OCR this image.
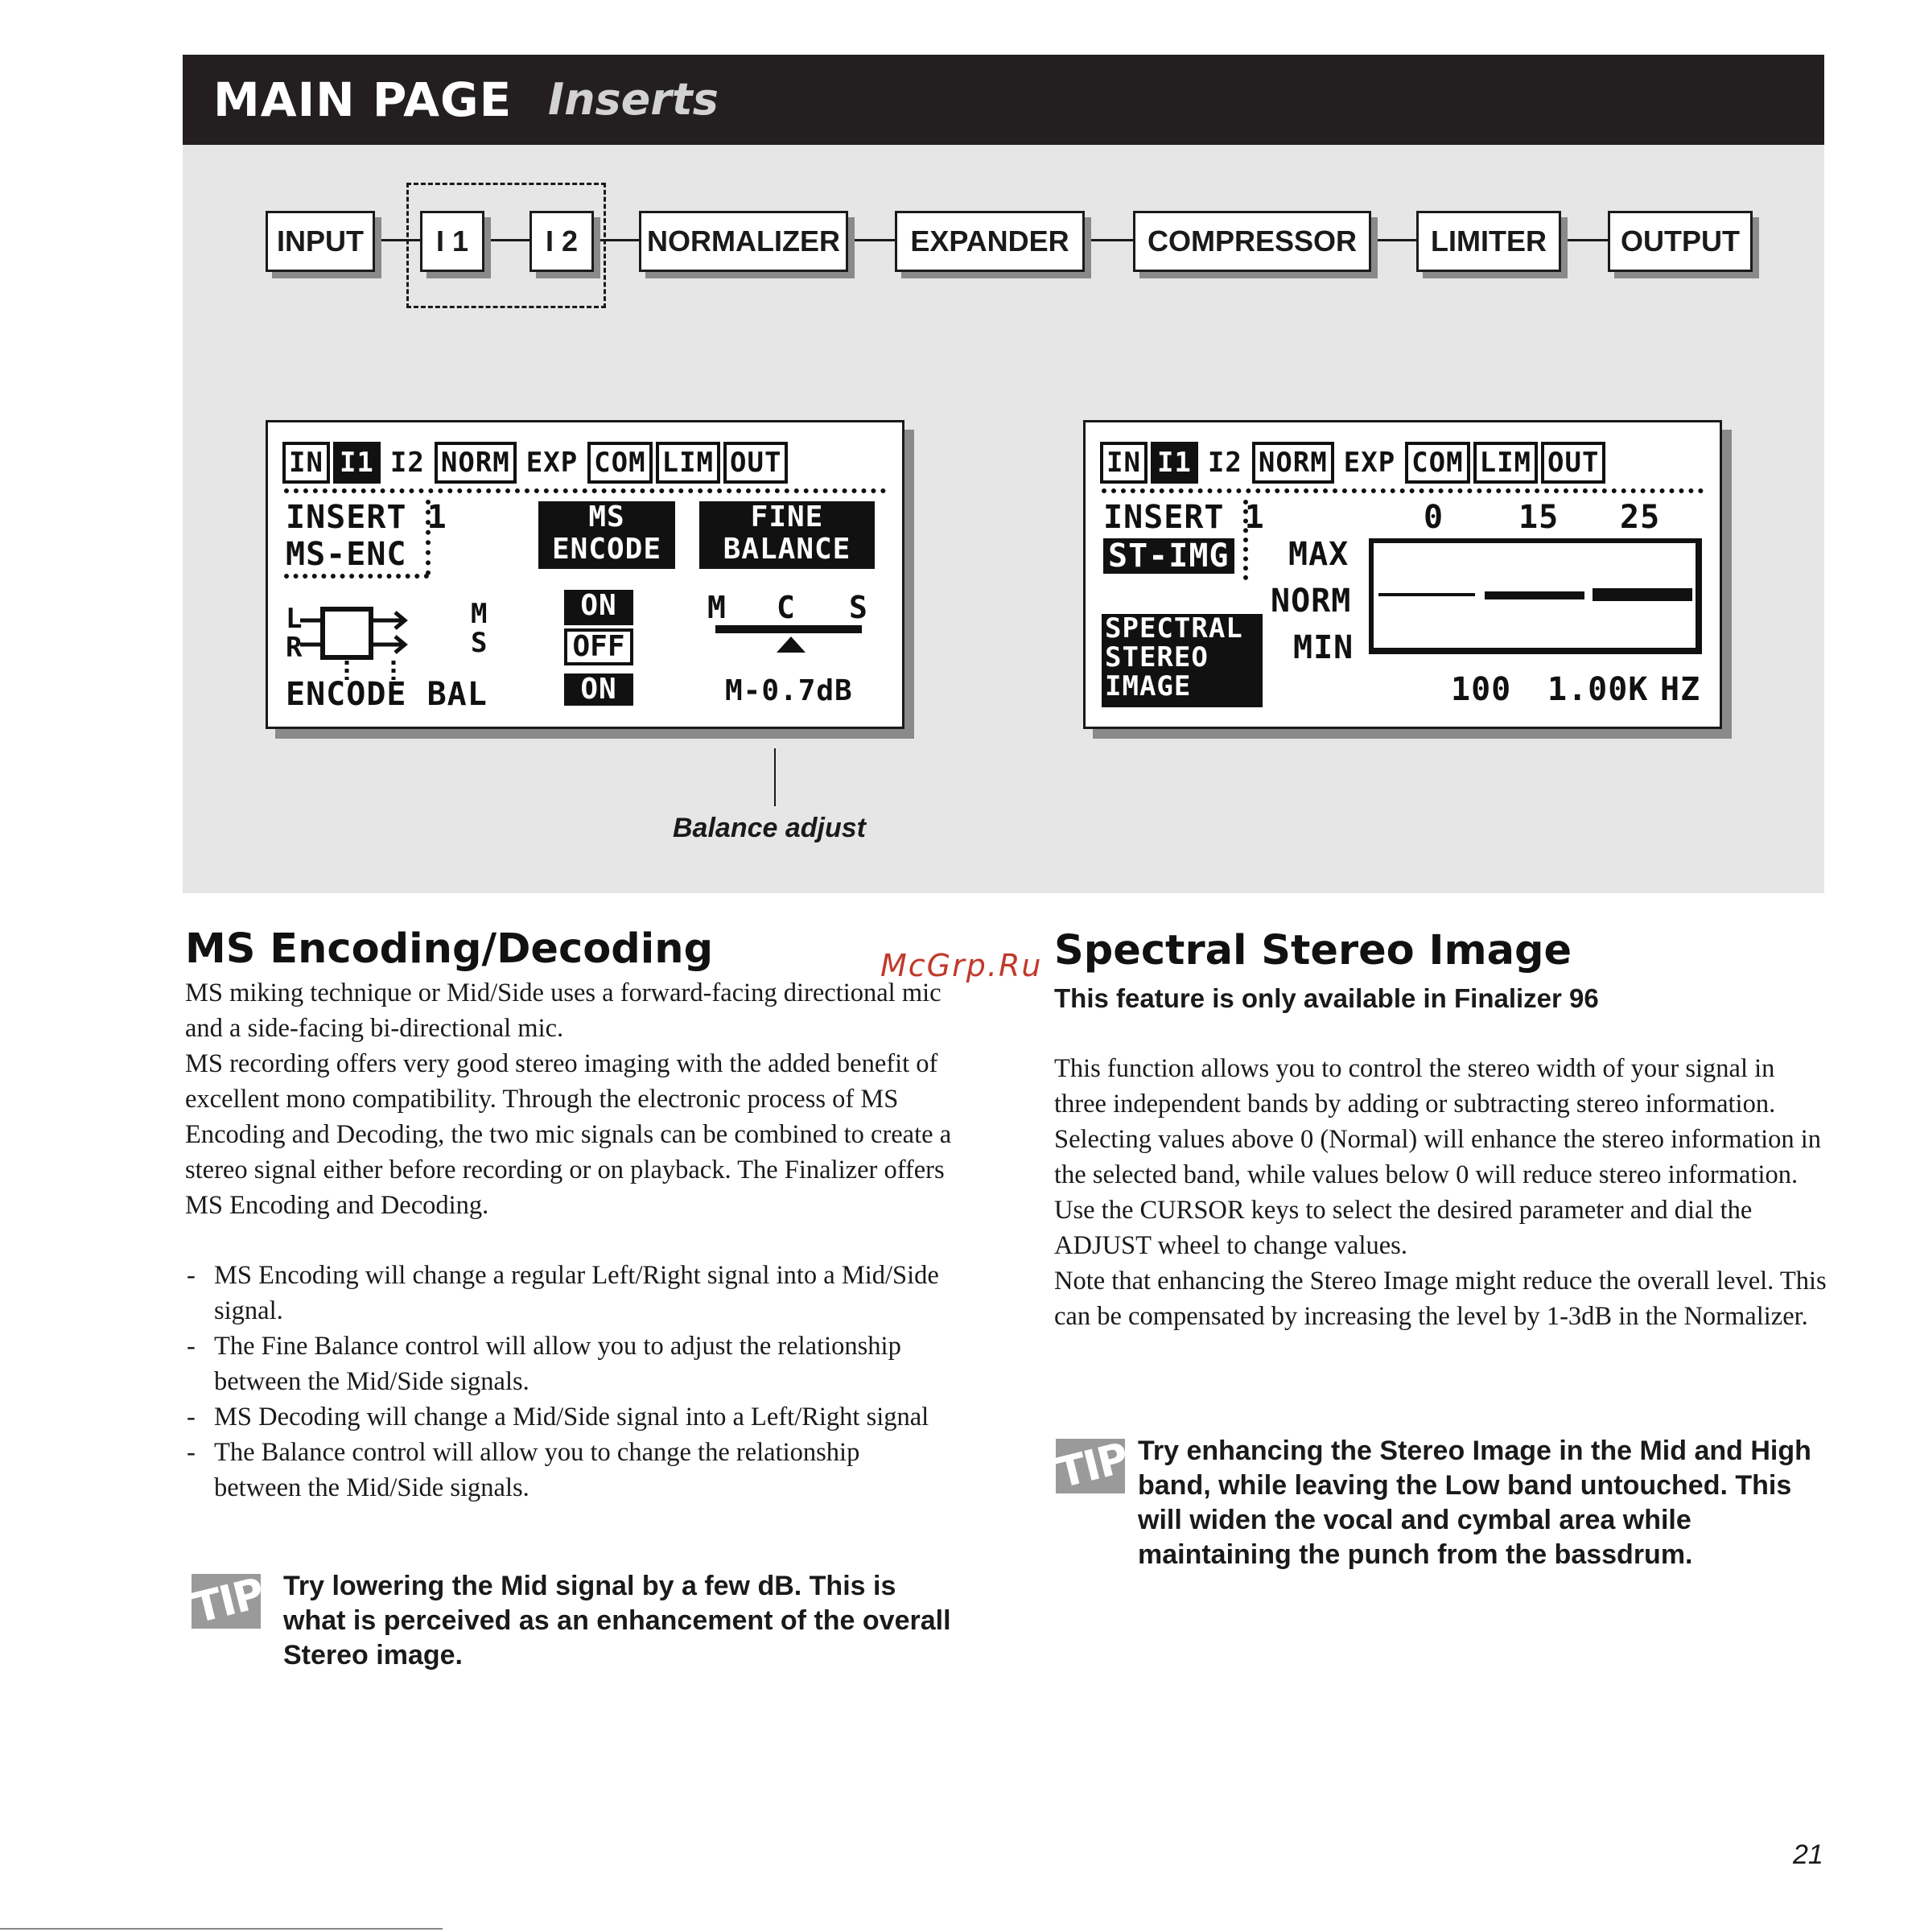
MAIN PAGE Inserts
INPUT	I 1	I 2	NORMALIZER	EXPANDER	COMPRESSOR	LIMITER	OUTPUT
IN I1 I2 NORM EXP COM LIM OUT
INSERT 1
MS-ENC
MS
ENCODE
FINE
BALANCE
L
R
M
S
ON
OFF
ON
M C S
M-0.7dB
ENCODE BAL
IN I1 I2 NORM EXP COM LIM OUT
INSERT 1
ST-IMG
SPECTRAL
STEREO
IMAGE
0 15 25
MAX
NORM
MIN
100 1.00K HZ
Balance adjust
MS Encoding/Decoding	McGrp.Ru

MS miking technique or Mid/Side uses a forward-facing directional mic and a side-facing bi-directional mic.

MS recording offers very good stereo imaging with the added benefit of excellent mono compatibility. Through the electronic process of MS Encoding and Decoding, the two mic signals can be combined to create a stereo signal either before recording or on playback. The Finalizer offers MS Encoding and Decoding.

- MS Encoding will change a regular Left/Right signal into a Mid/Side signal.
- The Fine Balance control will allow you to adjust the relationship between the Mid/Side signals.
- MS Decoding will change a Mid/Side signal into a Left/Right signal
- The Balance control will allow you to change the relationship between the Mid/Side signals.
TIP Try lowering the Mid signal by a few dB. This is what is perceived as an enhancement of the overall Stereo image.
Spectral Stereo Image
This feature is only available in Finalizer 96

This function allows you to control the stereo width of your signal in three independent bands by adding or subtracting stereo information. Selecting values above 0 (Normal) will enhance the stereo information in the selected band, while values below 0 will reduce stereo information.

Use the CURSOR keys to select the desired parameter and dial the ADJUST wheel to change values.

Note that enhancing the Stereo Image might reduce the overall level. This can be compensated by increasing the level by 1-3dB in the Normalizer.

TIP Try enhancing the Stereo Image in the Mid and High band, while leaving the Low band untouched. This will widen the vocal and cymbal area while maintaining the punch from the bassdrum.
21
